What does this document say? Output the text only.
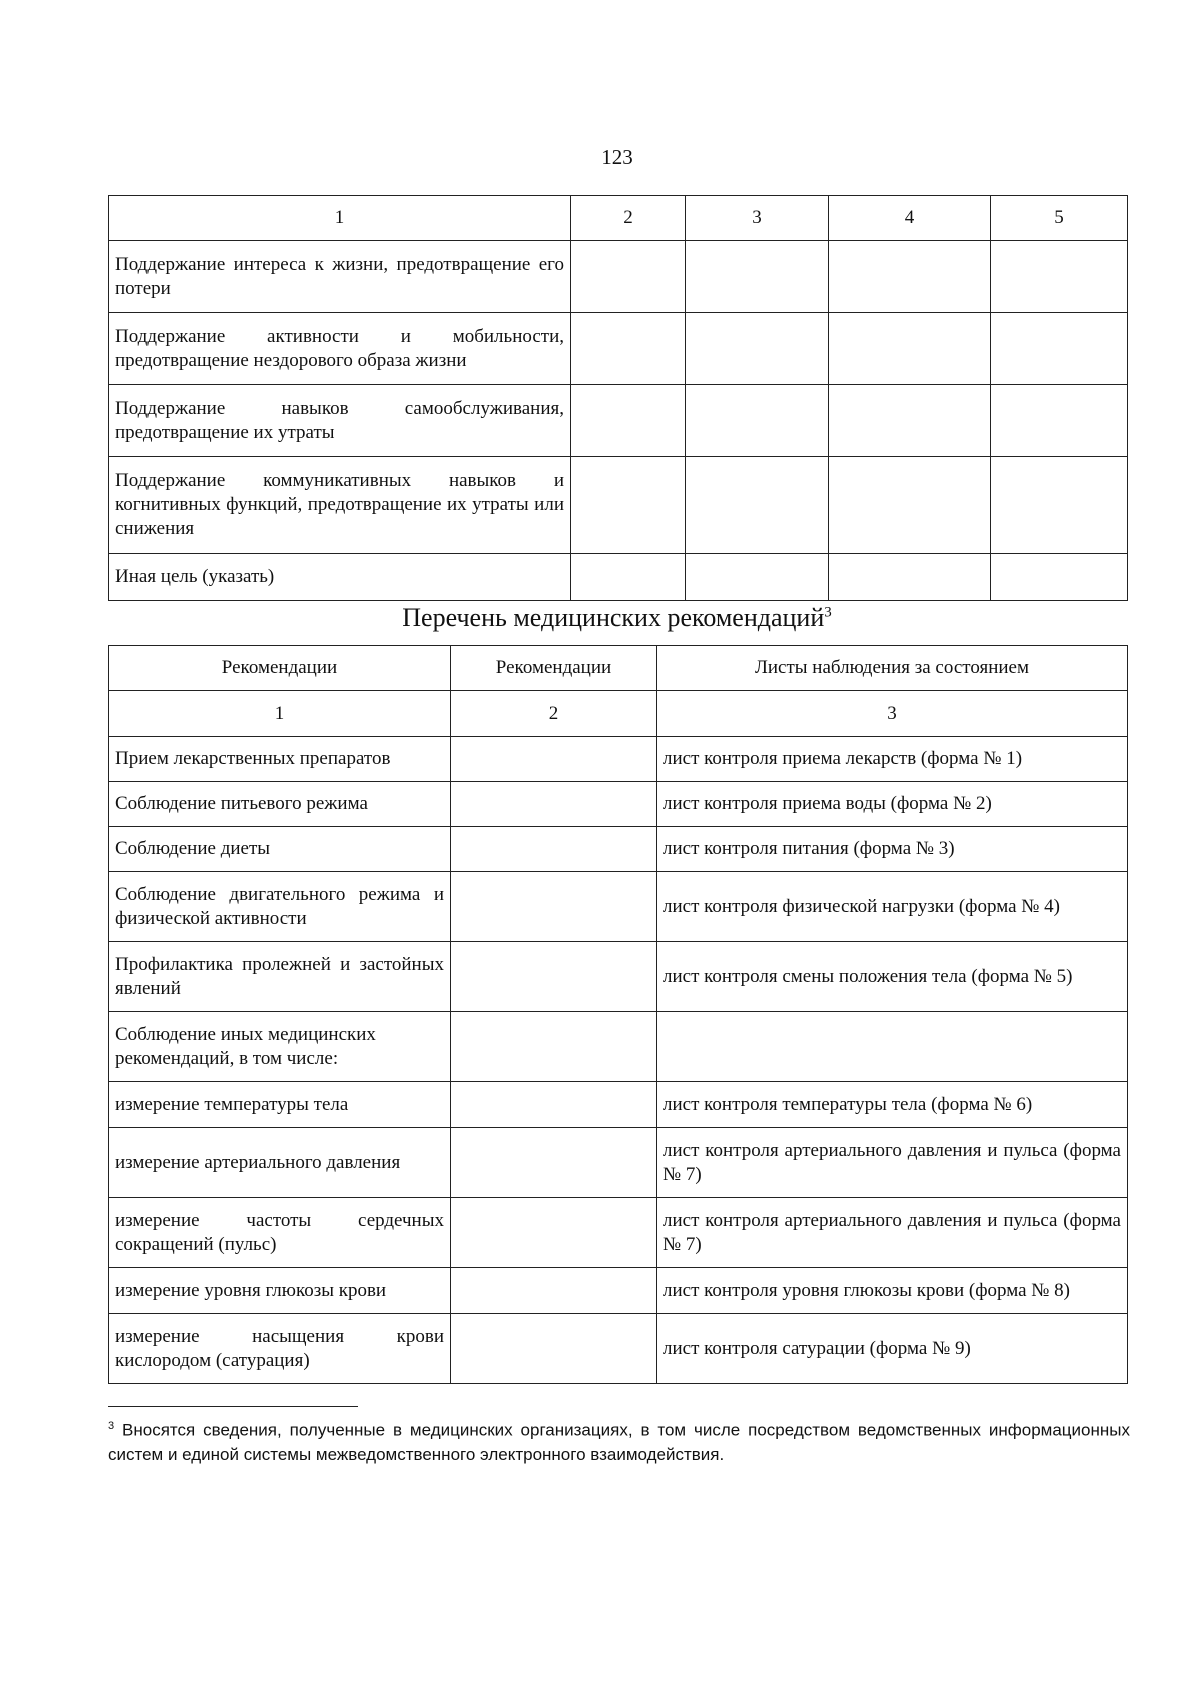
123
1	2	3	4	5
Поддержание интереса к жизни, предотвращение его потери				
Поддержание активности и мобильности, предотвращение нездорового образа жизни				
Поддержание навыков самообслуживания, предотвращение их утраты				
Поддержание коммуникативных навыков и когнитивных функций, предотвращение их утраты или снижения				
Иная цель (указать)				
Перечень медицинских рекомендаций$^3$
Рекомендации	Рекомендации	Листы наблюдения за состоянием
1	2	3
Прием лекарственных препаратов		лист контроля приема лекарств (форма № 1)
Соблюдение питьевого режима		лист контроля приема воды (форма № 2)
Соблюдение диеты		лист контроля питания (форма № 3)
Соблюдение двигательного режима и физической активности		лист контроля физической нагрузки (форма № 4)
Профилактика пролежней и застойных явлений		лист контроля смены положения тела (форма № 5)
Соблюдение иных медицинских рекомендаций, в том числе:		
измерение температуры тела		лист контроля температуры тела (форма № 6)
измерение артериального давления		лист контроля артериального давления и пульса (форма № 7)
измерение частоты сердечных сокращений (пульс)		лист контроля артериального давления и пульса (форма № 7)
измерение уровня глюкозы крови		лист контроля уровня глюкозы крови (форма № 8)
измерение насыщения крови кислородом (сатурация)		лист контроля сатурации (форма № 9)
$^3$ Вносятся сведения, полученные в медицинских организациях, в том числе посредством ведомственных информационных систем и единой системы межведомственного электронного взаимодействия.
